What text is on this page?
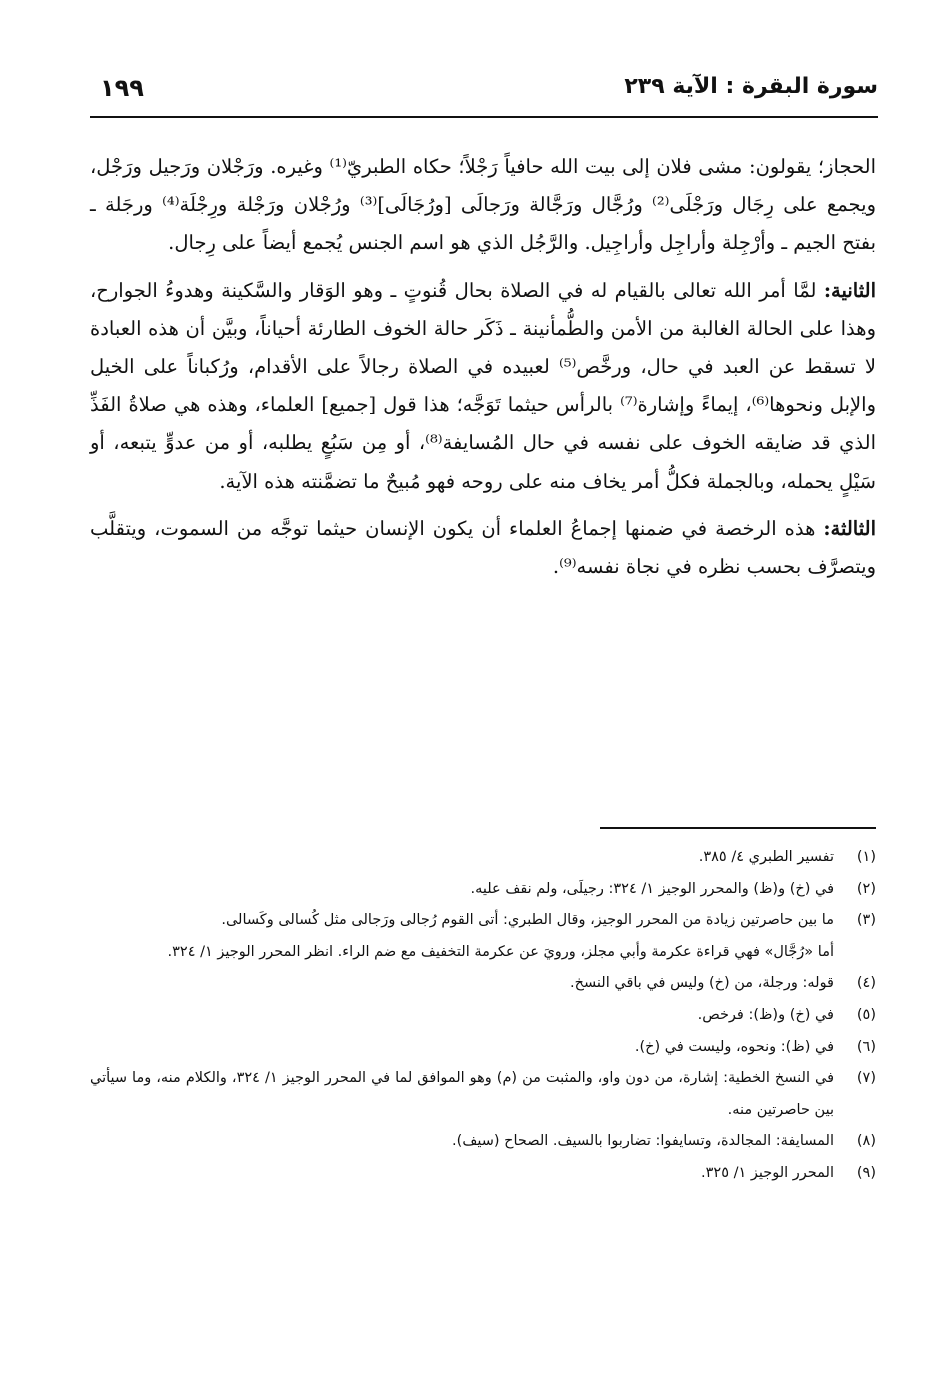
سورة البقرة : الآية ٢٣٩
١٩٩

الحجاز؛ يقولون: مشى فلان إلى بيت الله حافياً رَجْلاً؛ حكاه الطبريّ⁽¹⁾ وغيره. ورَجْلان ورَجيل ورَجْل، ويجمع على رِجَال ورَجْلَى⁽²⁾ ورُجَّال ورَجَّالة ورَجالَى [ورُجَالَى]⁽³⁾ ورُجْلان ورَجْلة ورِجْلَة⁽⁴⁾ ورجَلة ـ بفتح الجيم ـ وأرْجِلة وأراجِل وأراجِيل. والرَّجُل الذي هو اسم الجنس يُجمع أيضاً على رِجال.

الثانية: لمَّا أمر الله تعالى بالقيام له في الصلاة بحال قُنوتٍ ـ وهو الوَقار والسَّكينة وهدوءُ الجوارح، وهذا على الحالة الغالبة من الأمن والطُّمأنينة ـ ذَكَر حالة الخوف الطارئة أحياناً، وبيَّن أن هذه العبادة لا تسقط عن العبد في حال، ورخَّص⁽⁵⁾ لعبيده في الصلاة رجالاً على الأقدام، ورُكباناً على الخيل والإبل ونحوها⁽⁶⁾، إيماءً وإشارة⁽⁷⁾ بالرأس حيثما تَوَجَّه؛ هذا قول [جميع] العلماء، وهذه هي صلاةُ الفَذِّ الذي قد ضايقه الخوف على نفسه في حال المُسايفة⁽⁸⁾، أو مِن سَبُعٍ يطلبه، أو من عدوٍّ يتبعه، أو سَيْلٍ يحمله، وبالجملة فكلُّ أمر يخاف منه على روحه فهو مُبيحٌ ما تضمَّنته هذه الآية.

الثالثة: هذه الرخصة في ضمنها إجماعُ العلماء أن يكون الإنسان حيثما توجَّه من السموت، ويتقلَّب ويتصرَّف بحسب نظره في نجاة نفسه⁽⁹⁾.

(١)
تفسير الطبري ٤/ ٣٨٥.
(٢)
في (خ) و(ظ) والمحرر الوجيز ١/ ٣٢٤: رجيلَى، ولم نقف عليه.
(٣)
ما بين حاصرتين زيادة من المحرر الوجيز، وقال الطبري: أتى القوم رُجالى ورَجالى مثل كُسالى وكَسالى.
أما «رُجَّال» فهي قراءة عكرمة وأبي مجلز، ورويَ عن عكرمة التخفيف مع ضم الراء. انظر المحرر الوجيز ١/ ٣٢٤.
(٤)
قوله: ورجلة، من (خ) وليس في باقي النسخ.
(٥)
في (خ) و(ظ): فرخص.
(٦)
في (ظ): ونحوه، وليست في (خ).
(٧)
في النسخ الخطية: إشارة، من دون واو، والمثبت من (م) وهو الموافق لما في المحرر الوجيز ١/ ٣٢٤، والكلام منه، وما سيأتي بين حاصرتين منه.
(٨)
المسايفة: المجالدة، وتسايفوا: تضاربوا بالسيف. الصحاح (سيف).
(٩)
المحرر الوجيز ١/ ٣٢٥.
